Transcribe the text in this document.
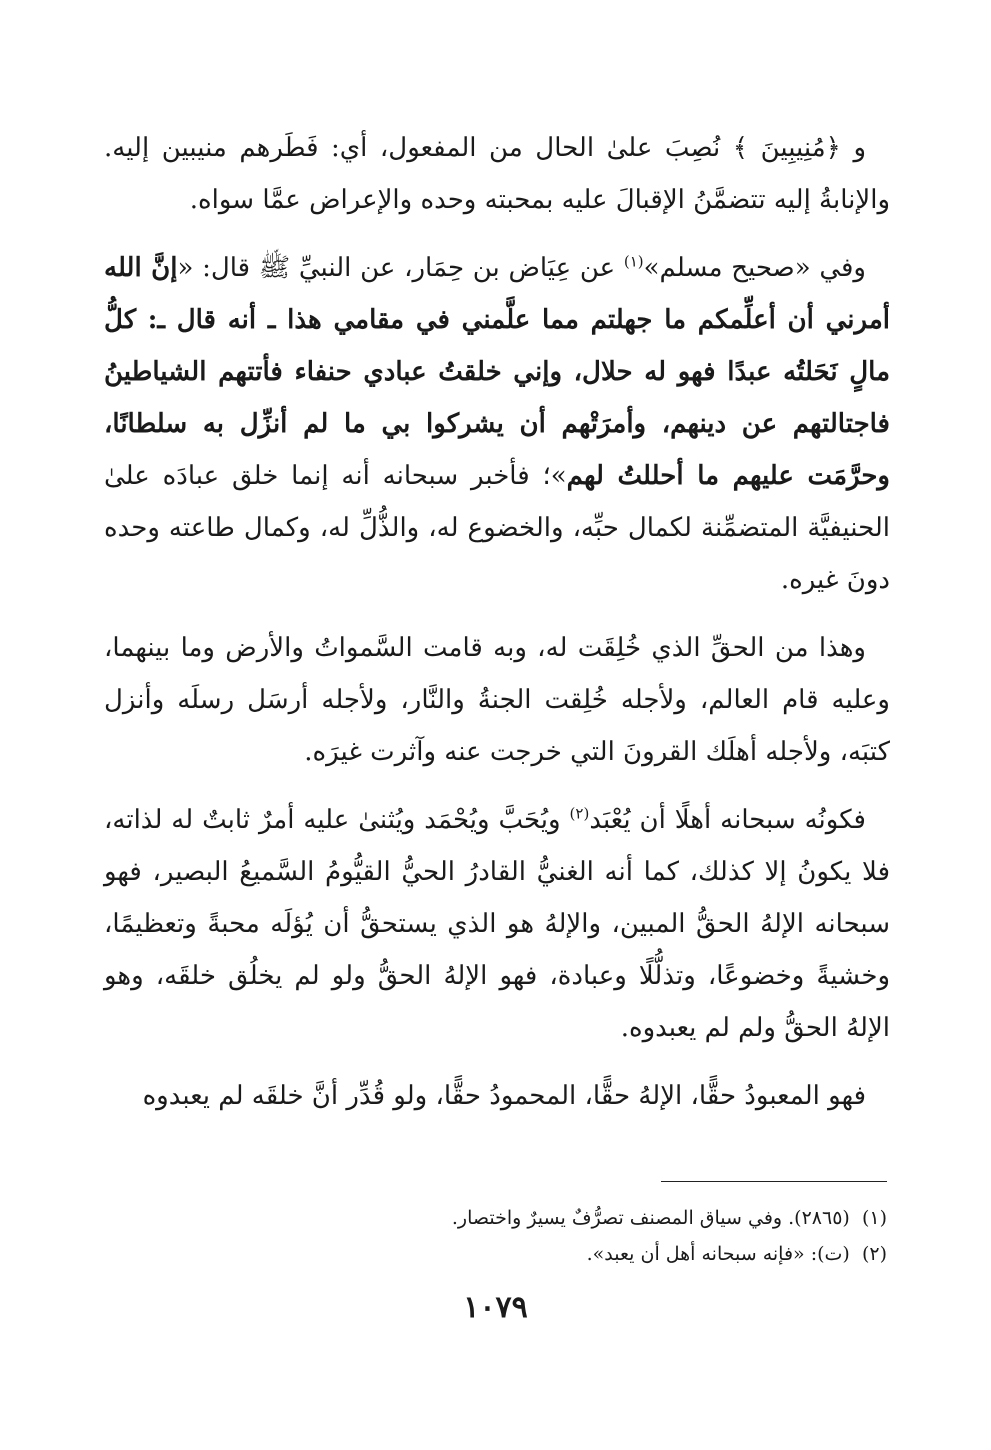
و ﴿مُنِيبِينَ ﴾ نُصِبَ علىٰ الحال من المفعول، أي: فَطَرهم منيبين إليه. والإنابةُ إليه تتضمَّنُ الإقبالَ عليه بمحبته وحده والإعراض عمَّا سواه.

وفي «صحيح مسلم»$^{(١)}$ عن عِيَاض بن حِمَار، عن النبيِّ ﷺ قال: «إنَّ الله أمرني أن أعلِّمكم ما جهلتم مما علَّمني في مقامي هذا ـ أنه قال ـ: كلُّ مالٍ نَحَلتُه عبدًا فهو له حلال، وإني خلقتُ عبادي حنفاء فأتتهم الشياطينُ فاجتالتهم عن دينهم، وأمرَتْهم أن يشركوا بي ما لم أنزِّل به سلطانًا، وحرَّمَت عليهم ما أحللتُ لهم»؛ فأخبر سبحانه أنه إنما خلق عبادَه علىٰ الحنيفيَّة المتضمِّنة لكمال حبِّه، والخضوع له، والذُّلِّ له، وكمال طاعته وحده دونَ غيره.

وهذا من الحقِّ الذي خُلِقَت له، وبه قامت السَّمواتُ والأرض وما بينهما، وعليه قام العالم، ولأجله خُلِقت الجنةُ والنَّار، ولأجله أرسَل رسلَه وأنزل كتبَه، ولأجله أهلَك القرونَ التي خرجت عنه وآثرت غيرَه.

فكونُه سبحانه أهلًا أن يُعْبَد$^{(٢)}$ ويُحَبَّ ويُحْمَد ويُثنىٰ عليه أمرٌ ثابتٌ له لذاته، فلا يكونُ إلا كذلك، كما أنه الغنيُّ القادرُ الحيُّ القيُّومُ السَّميعُ البصير، فهو سبحانه الإلهُ الحقُّ المبين، والإلهُ هو الذي يستحقُّ أن يُؤلَه محبةً وتعظيمًا، وخشيةً وخضوعًا، وتذلُّلًا وعبادة، فهو الإلهُ الحقُّ ولو لم يخلُق خلقَه، وهو الإلهُ الحقُّ ولم لم يعبدوه.

فهو المعبودُ حقًّا، الإلهُ حقًّا، المحمودُ حقًّا، ولو قُدِّر أنَّ خلقَه لم يعبدوه

(١)  (٢٨٦٥). وفي سياق المصنف تصرُّفٌ يسيرٌ واختصار.

(٢)  (ت): «فإنه سبحانه أهل أن يعبد».

١٠٧٩
